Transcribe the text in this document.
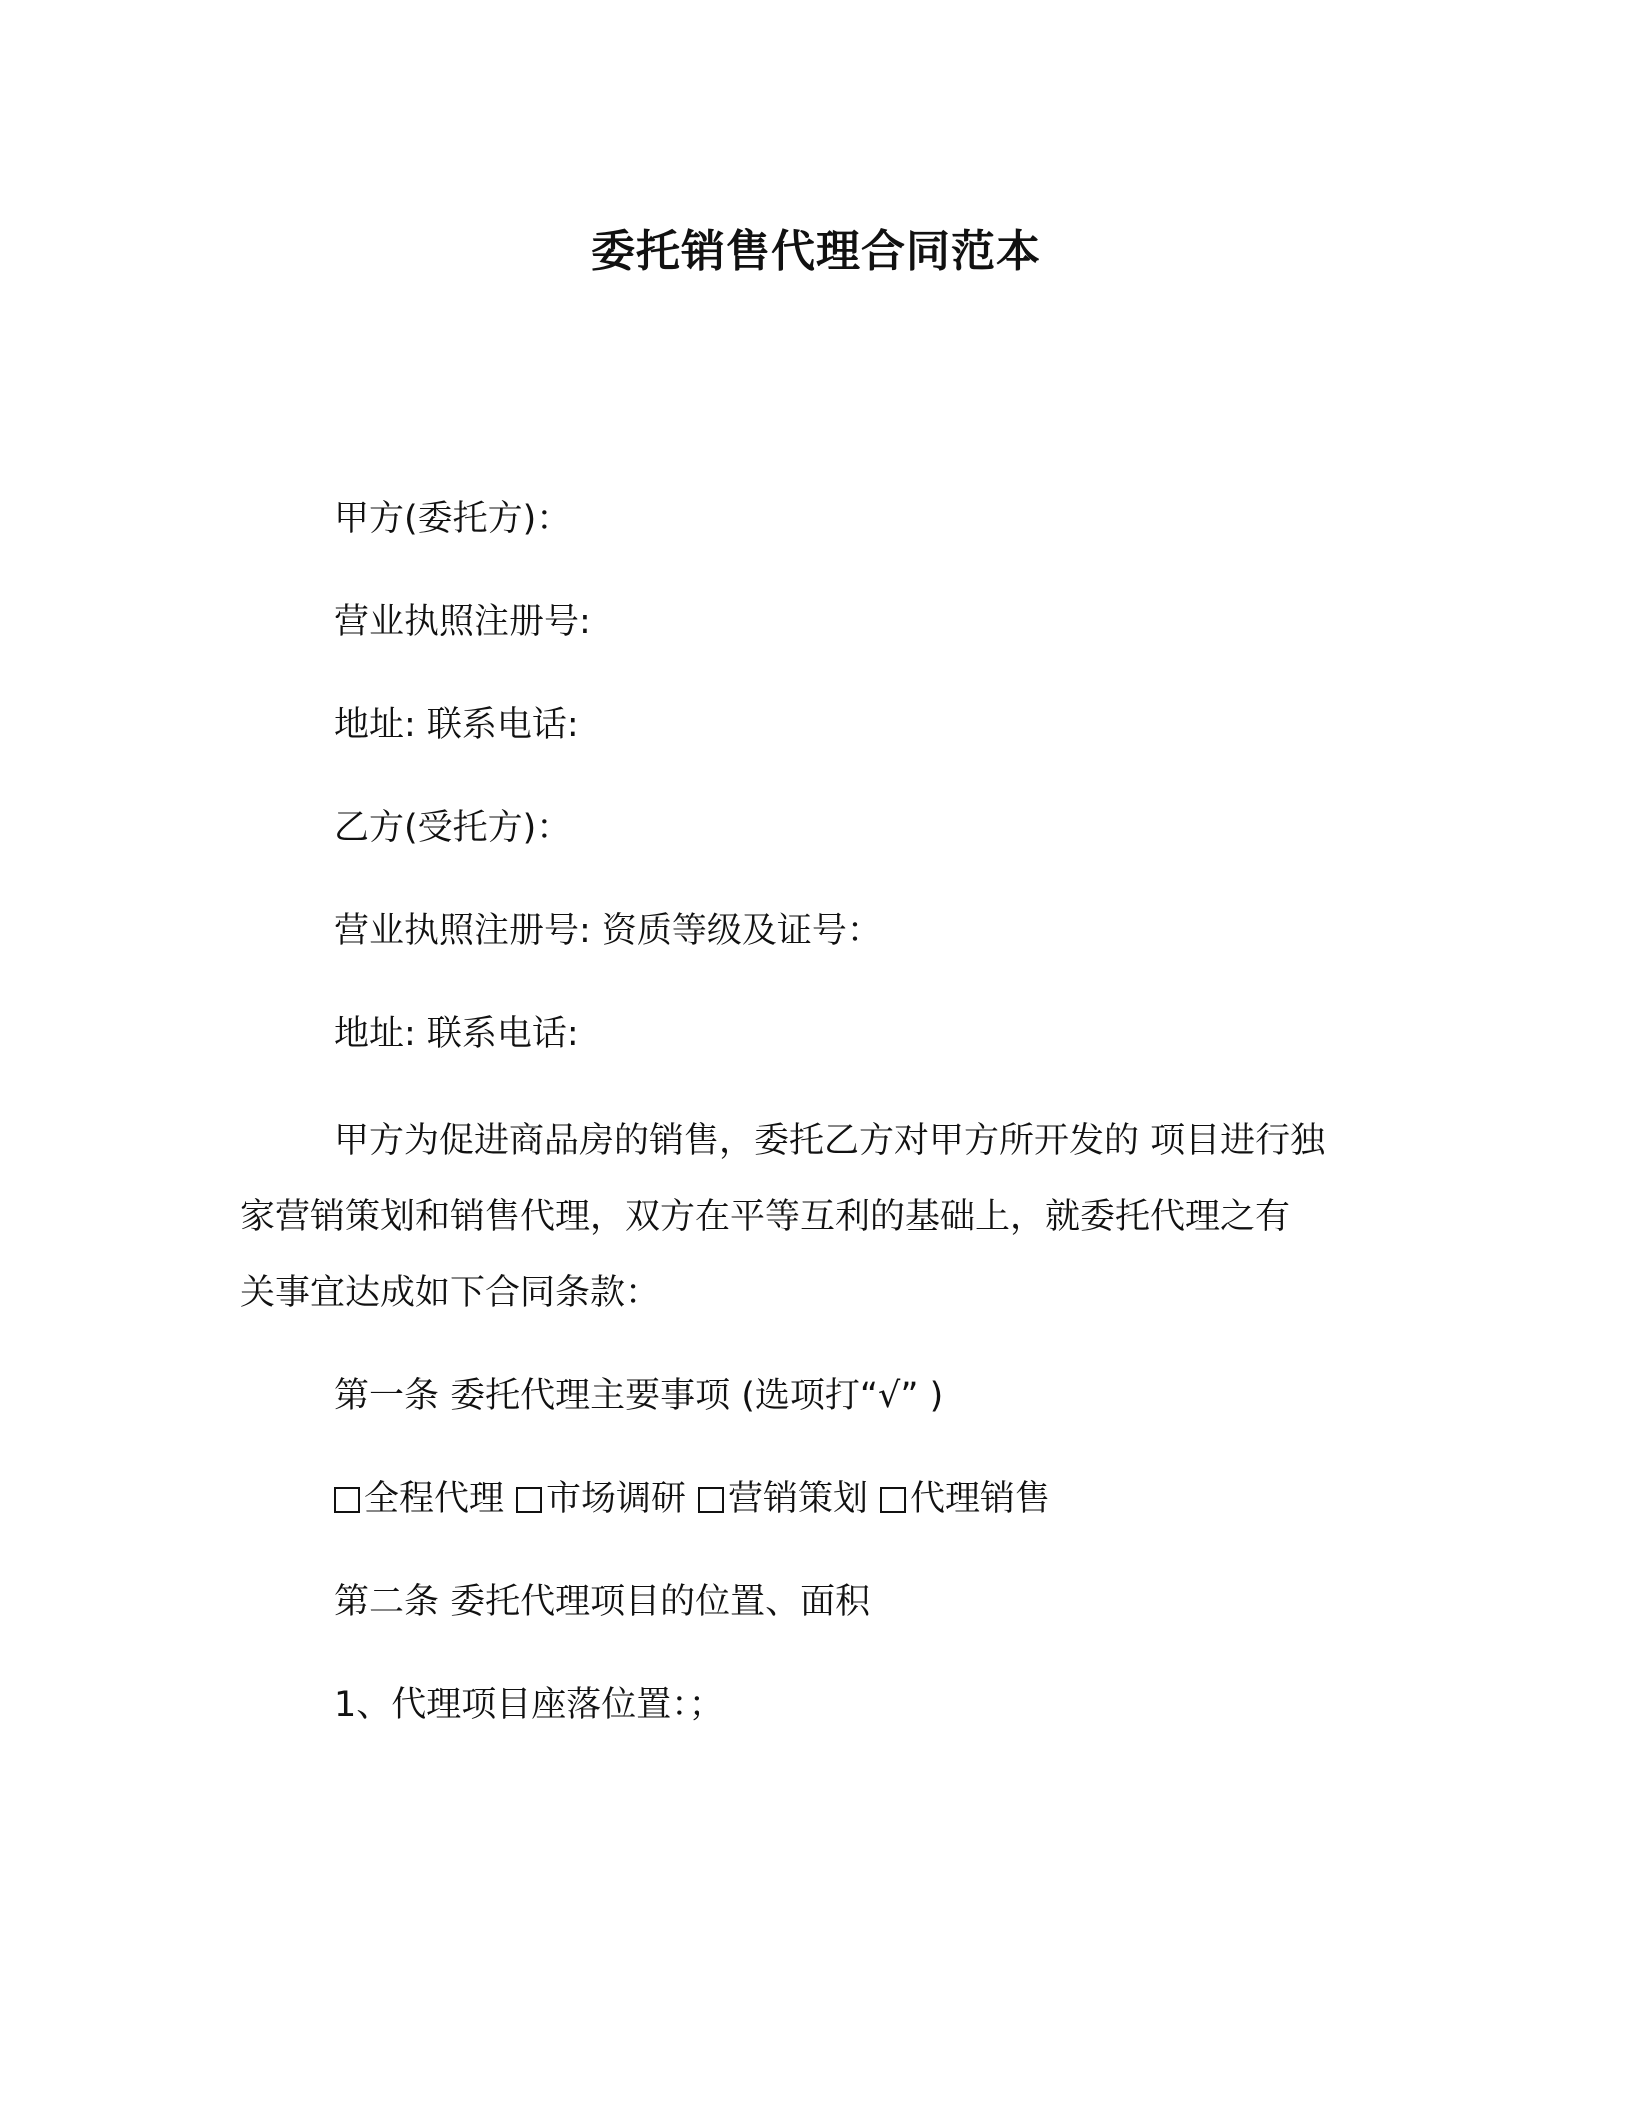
委托销售代理合同范本
甲方(委托方)：
营业执照注册号:
地址: 联系电话:
乙方(受托方)：
营业执照注册号: 资质等级及证号：
地址: 联系电话:
甲方为促进商品房的销售，委托乙方对甲方所开发的 项目进行独
家营销策划和销售代理，双方在平等互利的基础上，就委托代理之有
关事宜达成如下合同条款：
第一条 委托代理主要事项 (选项打“√” )
全程代理 市场调研 营销策划 代理销售
第二条 委托代理项目的位置、面积
1、代理项目座落位置：；
